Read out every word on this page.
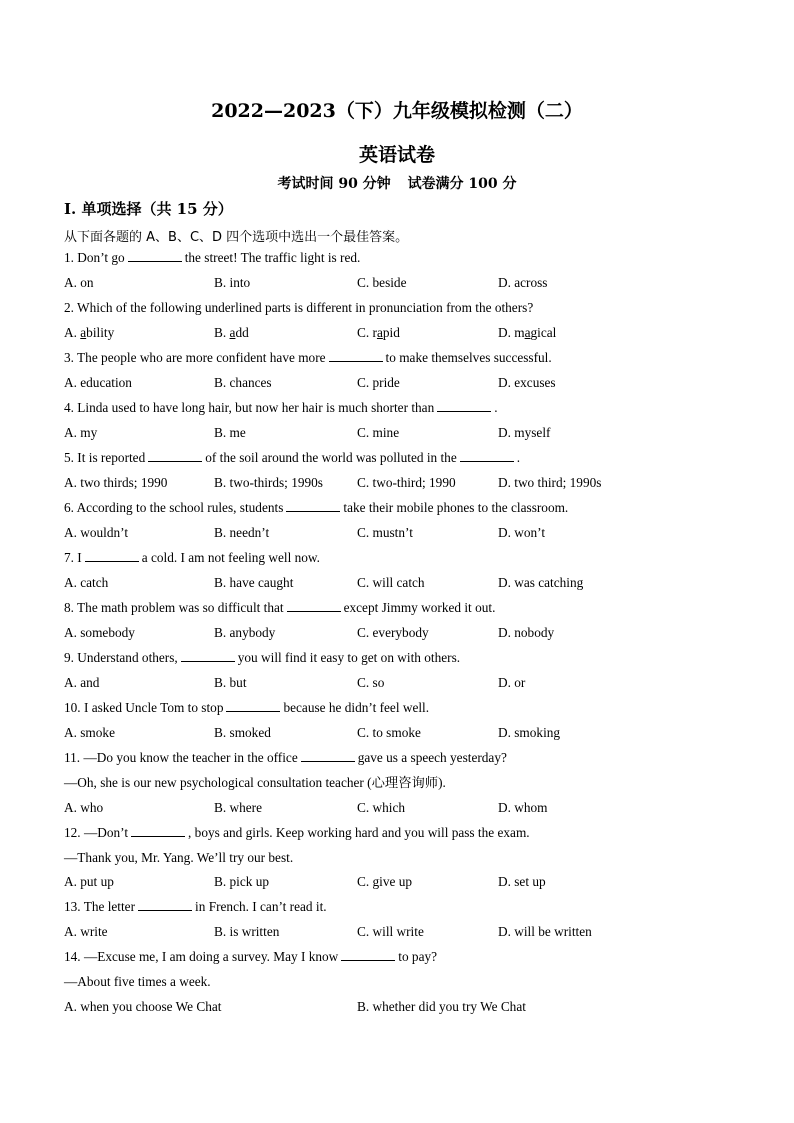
2022—2023（下）九年级模拟检测（二）
英语试卷
考试时间 90 分钟 试卷满分 100 分
Ⅰ. 单项选择（共 15 分）
从下面各题的 A、B、C、D 四个选项中选出一个最佳答案。
1. Don’t go	the street! The traffic light is red.
A. on	B. into	C. beside	D. across
2. Which of the following underlined parts is different in pronunciation from the others?
A. ability	B. add	C. rapid	D. magical
3. The people who are more confident have more	to make themselves successful.
A. education	B. chances	C. pride	D. excuses
4. Linda used to have long hair, but now her hair is much shorter than	.
A. my	B. me	C. mine	D. myself
5. It is reported	of the soil around the world was polluted in the	.
A. two thirds; 1990	B. two-thirds; 1990s	C. two-third; 1990	D. two third; 1990s
6. According to the school rules, students	take their mobile phones to the classroom.
A. wouldn’t	B. needn’t	C. mustn’t	D. won’t
7. I	a cold. I am not feeling well now.
A. catch	B. have caught	C. will catch	D. was catching
8. The math problem was so difficult that	except Jimmy worked it out.
A. somebody	B. anybody	C. everybody	D. nobody
9. Understand others,	you will find it easy to get on with others.
A. and	B. but	C. so	D. or
10. I asked Uncle Tom to stop	because he didn’t feel well.
A. smoke	B. smoked	C. to smoke	D. smoking
11. —Do you know the teacher in the office	gave us a speech yesterday?
—Oh, she is our new psychological consultation teacher (心理咨询师).
A. who	B. where	C. which	D. whom
12. —Don’t	, boys and girls. Keep working hard and you will pass the exam.
—Thank you, Mr. Yang. We’ll try our best.
A. put up	B. pick up	C. give up	D. set up
13. The letter	in French. I can’t read it.
A. write	B. is written	C. will write	D. will be written
14. —Excuse me, I am doing a survey. May I know	to pay?
—About five times a week.
A. when you choose We Chat	B. whether did you try We Chat
